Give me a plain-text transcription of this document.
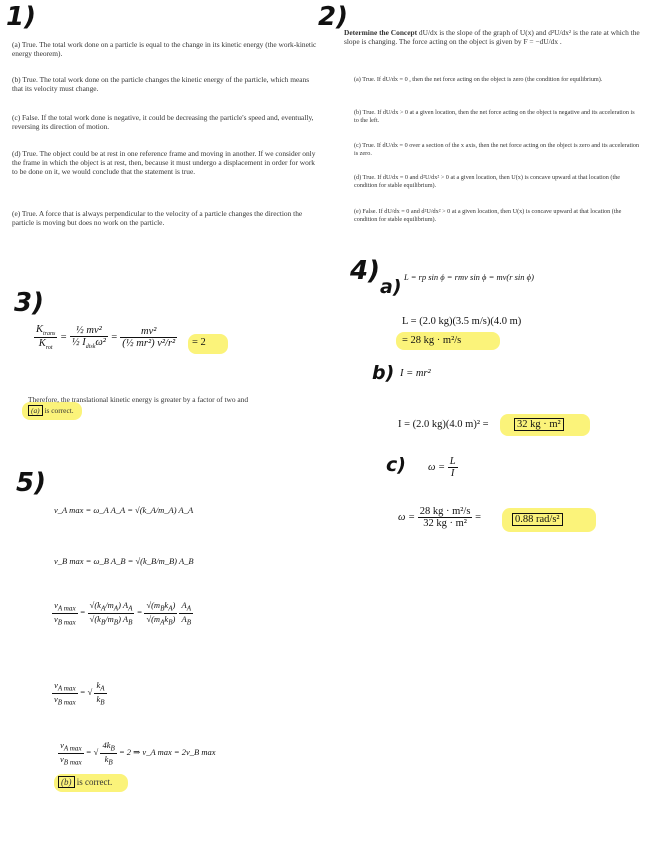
1)	2)
3)
4)
a)
b)
c)
5)
(a) True. The total work done on a particle is equal to the change in its kinetic energy (the work-kinetic energy theorem).
(b) True. The total work done on the particle changes the kinetic energy of the particle, which means that its velocity must change.
(c) False. If the total work done is negative, it could be decreasing the particle's speed and, eventually, reversing its direction of motion.
(d) True. The object could be at rest in one reference frame and moving in another. If we consider only the frame in which the object is at rest, then, because it must undergo a displacement in order for work to be done on it, we would conclude that the statement is true.
(e) True. A force that is always perpendicular to the velocity of a particle changes the direction the particle is moving but does no work on the particle.
Determine the Concept dU/dx is the slope of the graph of U(x) and d²U/dx² is the rate at which the slope is changing. The force acting on the object is given by F = −dU/dx .
(a) True. If dU/dx = 0 , then the net force acting on the object is zero (the condition for equilibrium).
(b) True. If dU/dx > 0 at a given location, then the net force acting on the object is negative and its acceleration is to the left.
(c) True. If dU/dx = 0 over a section of the x axis, then the net force acting on the object is zero and its acceleration is zero.
(d) True. If dU/dx = 0 and d²U/dx² > 0 at a given location, then U(x) is concave upward at that location (the condition for stable equilibrium).
(e) False. If dU/dx = 0 and d²U/dx² > 0 at a given location, then U(x) is concave upward at that location (the condition for stable equilibrium).
$\frac{K_{trans}}{K_{rot}} = \frac{\text{½ mv²}}{\frac{1}{2} I_{disk}\omega^2} = \frac{\text{mv²}}{\text{(½ mr²) v²/r²}} = 2$
Therefore, the translational kinetic energy is greater by a factor of two and
(a) is correct.
L = rp sin ϕ = rmv sin ϕ = mv(r sin ϕ)
L = (2.0 kg)(3.5 m/s)(4.0 m)
= 28 kg · m²/s
I = mr²
I = (2.0 kg)(4.0 m)² =	32 kg · m²
$\omega = \frac{L}{I}$
$\omega = \frac{\text{28 kg · m²/s}}{\text{32 kg · m²}}$ =	0.88 rad/s²
v_A max = ω_A A_A = √(k_A/m_A) A_A
v_B max = ω_B A_B = √(k_B/m_B) A_B
$\frac{v_{A max}}{v_{B max}} = \frac{√(k_A/m_A) A_A}{√(k_B/m_B) A_B} = \frac{√(m_Bk_A)}{√(m_Ak_B)}$
$\frac{A_A}{A_B}$
$\frac{v_{A max}}{v_{B max}}$ = √ $\frac{k_A}{k_B}$
$\frac{v_{A max}}{v_{B max}}$ = √ $\frac{4k_B}{k_B} = 2$ ⇒ v_A max = 2v_B max
(b) is correct.
